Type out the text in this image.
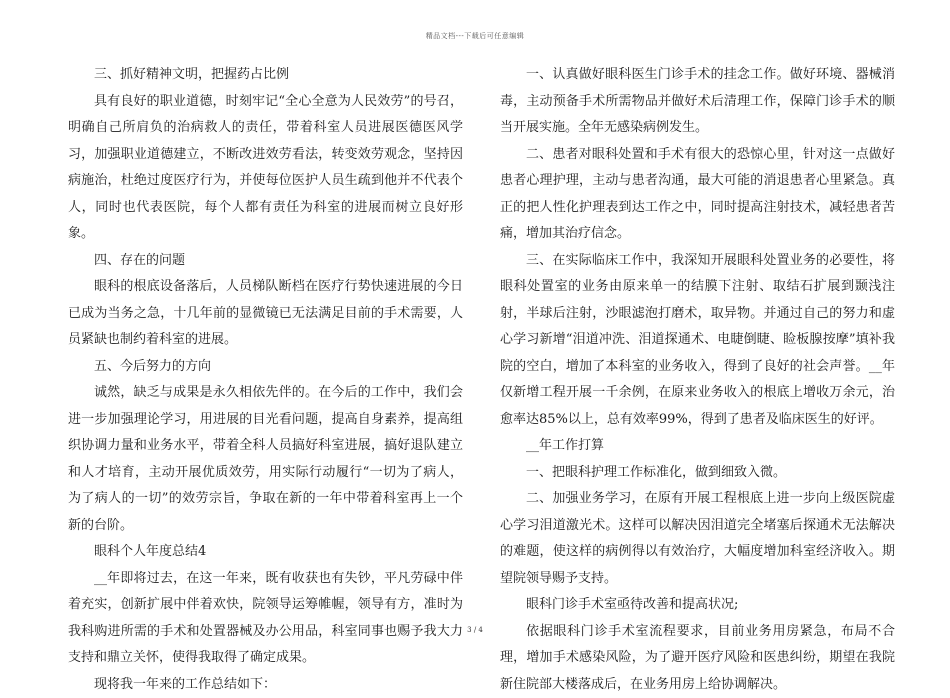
精品文档---下载后可任意编辑

三、抓好精神文明，把握药占比例

具有良好的职业道德，时刻牢记“全心全意为人民效劳”的号召，明确自己所肩负的治病救人的责任，带着科室人员进展医德医风学习，加强职业道德建立，不断改进效劳看法，转变效劳观念，坚持因病施治，杜绝过度医疗行为，并使每位医护人员生疏到他并不代表个人，同时也代表医院，每个人都有责任为科室的进展而树立良好形象。

四、存在的问题

眼科的根底设备落后，人员梯队断档在医疗行势快速进展的今日已成为当务之急，十几年前的显微镜已无法满足目前的手术需要，人员紧缺也制约着科室的进展。

五、今后努力的方向

诚然，缺乏与成果是永久相依先伴的。在今后的工作中，我们会进一步加强理论学习，用进展的目光看问题，提高自身素养，提高组织协调力量和业务水平，带着全科人员搞好科室进展，搞好退队建立和人才培育，主动开展优质效劳，用实际行动履行“一切为了病人，为了病人的一切”的效劳宗旨，争取在新的一年中带着科室再上一个新的台阶。

眼科个人年度总结4

__年即将过去，在这一年来，既有收获也有失钞，平凡劳碌中伴着充实，创新扩展中伴着欢快，院领导运筹帷幄，领导有方，准时为我科购进所需的手术和处置器械及办公用品，科室同事也赐予我大力支持和鼎立关怀，使得我取得了确定成果。

现将我一年来的工作总结如下：

一、认真做好眼科医生门诊手术的挂念工作。做好环境、器械消毒，主动预备手术所需物品并做好术后清理工作，保障门诊手术的顺当开展实施。全年无感染病例发生。

二、患者对眼科处置和手术有很大的恐惊心里，针对这一点做好患者心理护理，主动与患者沟通，最大可能的消退患者心里紧急。真正的把人性化护理表到达工作之中，同时提高注射技术，减轻患者苦痛，增加其治疗信念。

三、在实际临床工作中，我深知开展眼科处置业务的必要性，将眼科处置室的业务由原来单一的结膜下注射、取结石扩展到颞浅注射，半球后注射，沙眼滤泡打磨术，取异物。并通过自己的努力和虚心学习新增“泪道冲洗、泪道探通术、电睫倒睫、睑板腺按摩”填补我院的空白，增加了本科室的业务收入，得到了良好的社会声誉。__年仅新增工程开展一千余例，在原来业务收入的根底上增收万余元，治愈率达85%以上，总有效率99%，得到了患者及临床医生的好评。

__年工作打算

一、把眼科护理工作标准化，做到细致入微。

二、加强业务学习，在原有开展工程根底上进一步向上级医院虚心学习泪道激光术。这样可以解决因泪道完全堵塞后探通术无法解决的难题，使这样的病例得以有效治疗，大幅度增加科室经济收入。期望院领导赐予支持。

眼科门诊手术室亟待改善和提高状况;

依据眼科门诊手术室流程要求，目前业务用房紧急，布局不合理，增加手术感染风险，为了避开医疗风险和医患纠纷，期望在我院新住院部大楼落成后，在业务用房上给协调解决。

3 / 4
